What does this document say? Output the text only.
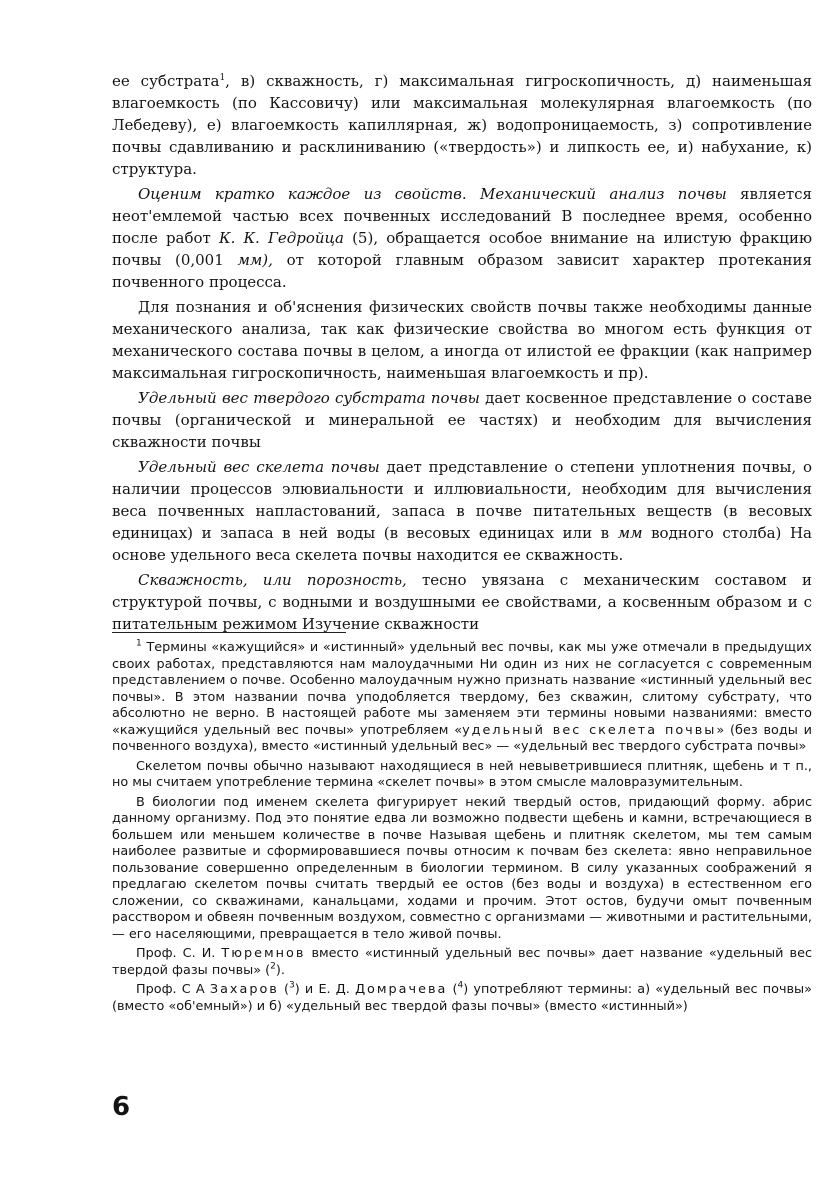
ее субстрата$^1$, в) скважность, г) максимальная гигроскопичность, д) наименьшая влагоемкость (по Кассовичу) или максимальная молекулярная влагоемкость (по Лебедеву), е) влагоемкость капиллярная, ж) водопроницаемость, з) сопротивление почвы сдавливанию и расклиниванию («твердость») и липкость ее, и) набухание, к) структура.

Оценим кратко каждое из свойств. Механический анализ почвы является неот'емлемой частью всех почвенных исследований В последнее время, особенно после работ К. К. Гедройца (5), обращается особое внимание на илистую фракцию почвы (0,001 мм), от которой главным образом зависит характер протекания почвенного процесса.

Для познания и об'яснения физических свойств почвы также необходимы данные механического анализа, так как физические свойства во многом есть функция от механического состава почвы в целом, а иногда от илистой ее фракции (как например максимальная гигроскопичность, наименьшая влагоемкость и пр).

Удельный вес твердого субстрата почвы дает косвенное представление о составе почвы (органической и минеральной ее частях) и необходим для вычисления скважности почвы

Удельный вес скелета почвы дает представление о степени уплотнения почвы, о наличии процессов элювиальности и иллювиальности, необходим для вычисления веса почвенных напластований, запаса в почве питательных веществ (в весовых единицах) и запаса в ней воды (в весовых единицах или в мм водного столба) На основе удельного веса скелета почвы находится ее скважность.

Скважность, или порозность, тесно увязана с механическим составом и структурой почвы, с водными и воздушными ее свойствами, а косвенным образом и с питательным режимом Изучение скважности

$^1$ Термины «кажущийся» и «истинный» удельный вес почвы, как мы уже отмечали в предыдущих своих работах, представляются нам малоудачными Ни один из них не согласуется с современным представлением о почве. Особенно малоудачным нужно признать название «истинный удельный вес почвы». В этом названии почва уподобляется твердому, без скважин, слитому субстрату, что абсолютно не верно. В настоящей работе мы заменяем эти термины новыми названиями: вместо «кажущийся удельный вес почвы» употребляем «удельный вес скелета почвы» (без воды и почвенного воздуха), вместо «истинный удельный вес» — «удельный вес твердого субстрата почвы»

Скелетом почвы обычно называют находящиеся в ней невыветрившиеся плитняк, щебень и т п., но мы считаем употребление термина «скелет почвы» в этом смысле маловразумительным.

В биологии под именем скелета фигурирует некий твердый остов, придающий форму. абрис данному организму. Под это понятие едва ли возможно подвести щебень и камни, встречающиеся в большем или меньшем количестве в почве Называя щебень и плитняк скелетом, мы тем самым наиболее развитые и сформировавшиеся почвы относим к почвам без скелета: явно неправильное пользование совершенно определенным в биологии термином. В силу указанных соображений я предлагаю скелетом почвы считать твердый ее остов (без воды и воздуха) в естественном его сложении, со скважинами, канальцами, ходами и прочим. Этот остов, будучи омыт почвенным расствором и обвеян почвенным воздухом, совместно с организмами — животными и растительными,— его населяющими, превращается в тело живой почвы.

Проф. С. И. Тюремнов вместо «истинный удельный вес почвы» дает название «удельный вес твердой фазы почвы» ($^2$).

Проф. С А Захаров ($^3$) и Е. Д. Домрачева ($^4$) употребляют термины: а) «удельный вес почвы» (вместо «об'емный») и б) «удельный вес твердой фазы почвы» (вместо «истинный»)

6
